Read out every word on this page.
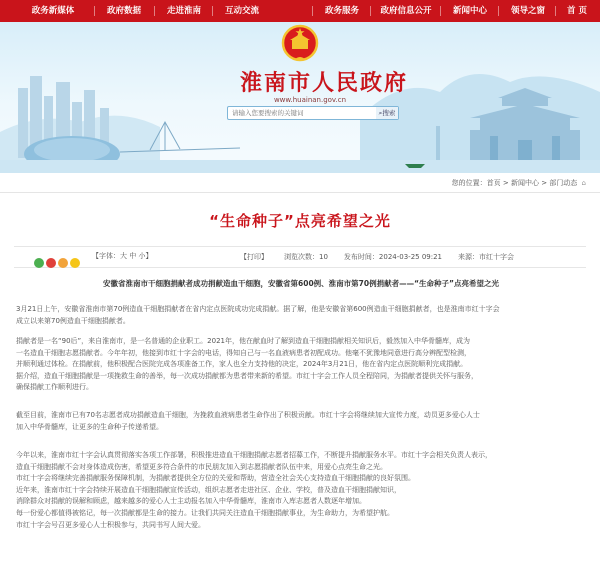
首 页
领导之窗
新闻中心
政府信息公开
政务服务
互动交流
走进淮南
政府数据
政务新媒体
淮南市人民政府
www.huainan.gov.cn
请输入您要搜索的关键词
⌕搜索
您的位置：首页 > 新闻中心 > 部门动态 ⌂
“生命种子”点亮希望之光
【字体：大 中 小】	【打印】 浏览次数：10 发布时间：2024-03-25 09:21 来源：市红十字会
安徽省淮南市干细胞捐献者成功捐献造血干细胞，安徽省第600例、淮南市第70例捐献者——“生命种子”点亮希望之光
3月21日上午，安徽省淮南市第70例造血干细胞捐献者在省内定点医院成功完成捐献。据了解，他是安徽省第600例造血干细胞捐献者，也是淮南市红十字会
成立以来第70例造血干细胞捐献者。
捐献者是一名“90后”，来自淮南市，是一名普通的企业职工。2021年，他在献血时了解到造血干细胞捐献相关知识后，毅然加入中华骨髓库，成为
一名造血干细胞志愿捐献者。今年年初，他接到市红十字会的电话，得知自己与一名血液病患者初配成功。他毫不犹豫地同意进行高分辨配型检测，
并顺利通过体检。在捐献前，他积极配合医院完成各项准备工作，家人也全力支持他的决定，2024年3月21日，他在省内定点医院顺利完成捐献。
据介绍，造血干细胞捐献是一项挽救生命的善举，每一次成功捐献都为患者带来新的希望。市红十字会工作人员全程陪同，为捐献者提供关怀与服务，
确保捐献工作顺利进行。
截至目前，淮南市已有70名志愿者成功捐献造血干细胞，为挽救血液病患者生命作出了积极贡献。市红十字会将继续加大宣传力度，动员更多爱心人士
加入中华骨髓库，让更多的生命种子传递希望。
今年以来，淮南市红十字会认真贯彻落实各项工作部署，积极推进造血干细胞捐献志愿者招募工作，不断提升捐献服务水平。市红十字会相关负责人表示，
造血干细胞捐献不会对身体造成伤害，希望更多符合条件的市民朋友加入到志愿捐献者队伍中来，用爱心点亮生命之光。
市红十字会将继续完善捐献服务保障机制，为捐献者提供全方位的关爱和帮助，营造全社会关心支持造血干细胞捐献的良好氛围。
近年来，淮南市红十字会持续开展造血干细胞捐献宣传活动，组织志愿者走进社区、企业、学校，普及造血干细胞捐献知识，
消除群众对捐献的误解和顾虑，越来越多的爱心人士主动报名加入中华骨髓库，淮南市入库志愿者人数逐年增加。
每一份爱心都值得被铭记，每一次捐献都是生命的接力。让我们共同关注造血干细胞捐献事业，为生命助力，为希望护航。
市红十字会号召更多爱心人士积极参与，共同书写人间大爱。
